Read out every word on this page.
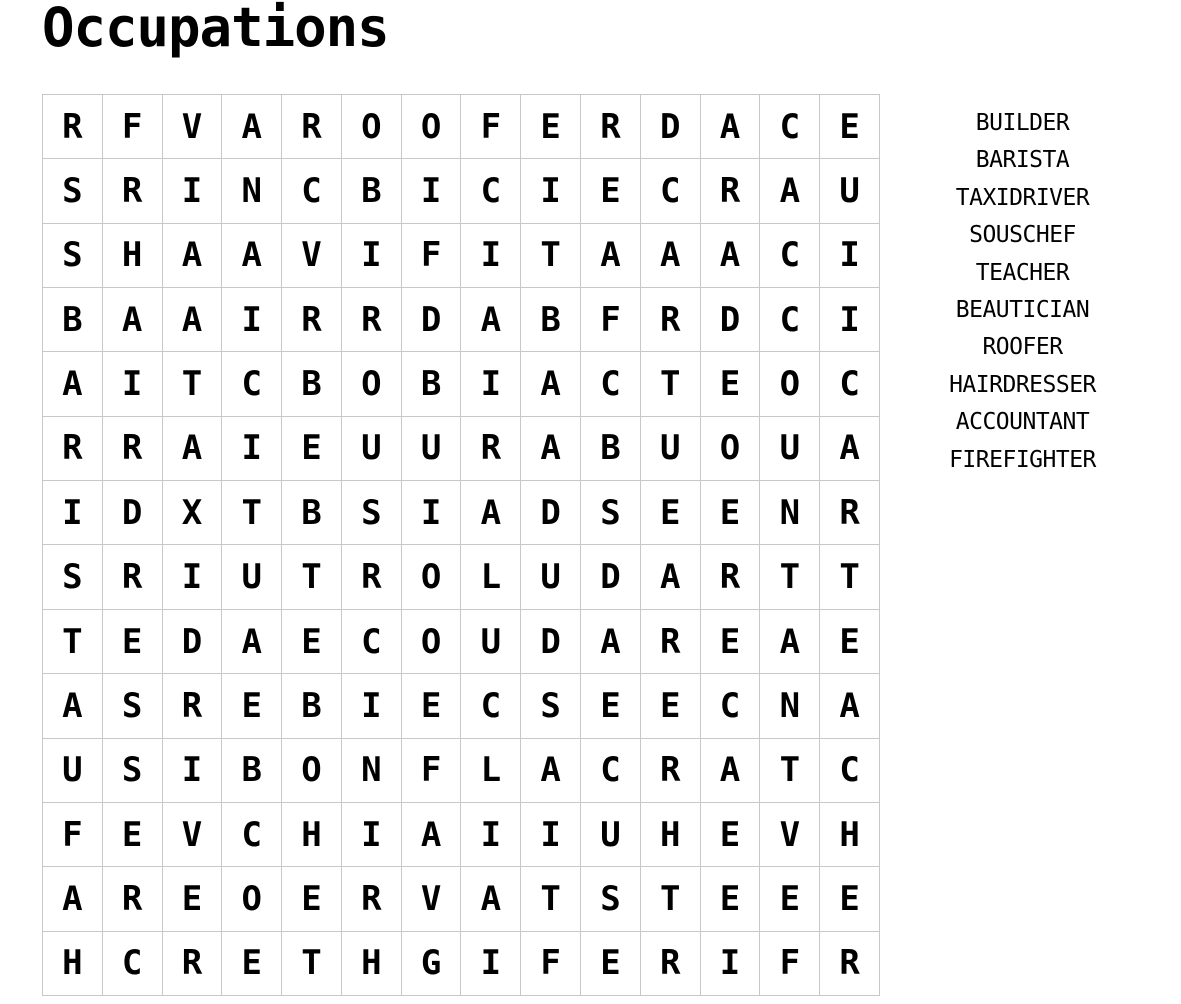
Occupations
R	F	V	A	R	O	O	F	E	R	D	A	C	E
S	R	I	N	C	B	I	C	I	E	C	R	A	U
S	H	A	A	V	I	F	I	T	A	A	A	C	I
B	A	A	I	R	R	D	A	B	F	R	D	C	I
A	I	T	C	B	O	B	I	A	C	T	E	O	C
R	R	A	I	E	U	U	R	A	B	U	O	U	A
I	D	X	T	B	S	I	A	D	S	E	E	N	R
S	R	I	U	T	R	O	L	U	D	A	R	T	T
T	E	D	A	E	C	O	U	D	A	R	E	A	E
A	S	R	E	B	I	E	C	S	E	E	C	N	A
U	S	I	B	O	N	F	L	A	C	R	A	T	C
F	E	V	C	H	I	A	I	I	U	H	E	V	H
A	R	E	O	E	R	V	A	T	S	T	E	E	E
H	C	R	E	T	H	G	I	F	E	R	I	F	R
BUILDER
BARISTA
TAXIDRIVER
SOUSCHEF
TEACHER
BEAUTICIAN
ROOFER
HAIRDRESSER
ACCOUNTANT
FIREFIGHTER
